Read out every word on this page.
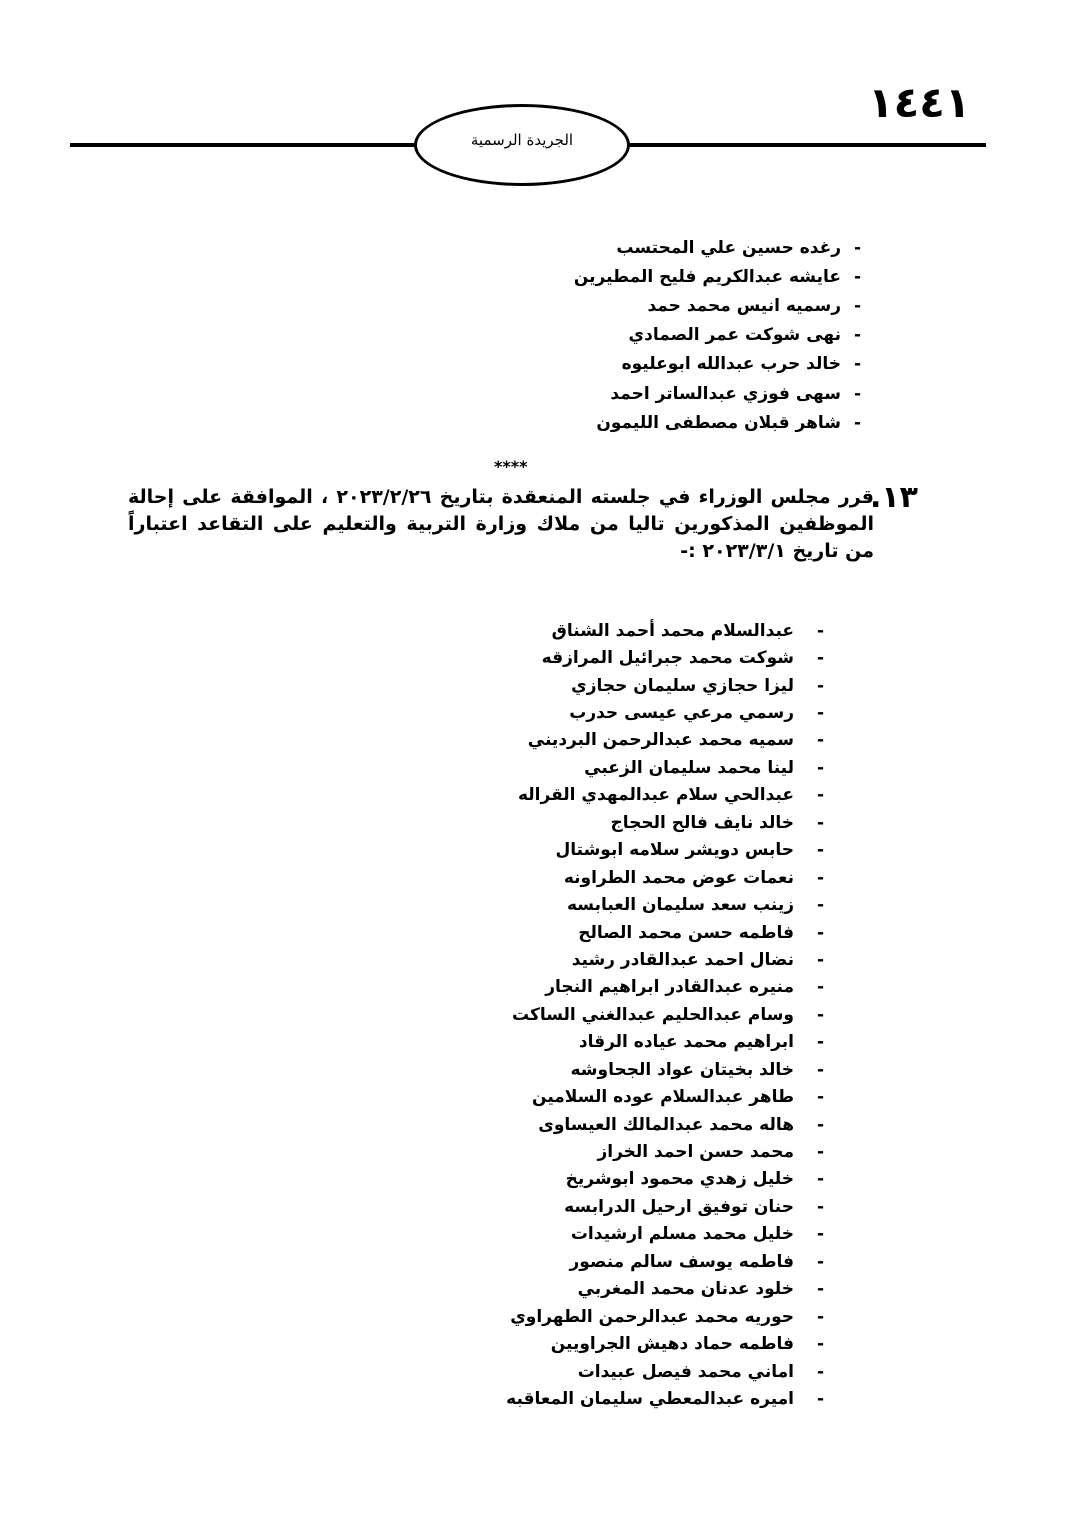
١٤٤١
الجريدة الرسمية
-
رغده حسين علي المحتسب
-
عايشه عبدالكريم فليح المطيرين
-
رسميه انيس محمد حمد
-
نهى شوكت عمر الصمادي
-
خالد حرب عبدالله ابوعليوه
-
سهى فوزي عبدالساتر احمد
-
شاهر قبلان مصطفى الليمون
****
١٣.
قرر مجلس الوزراء في جلسته المنعقدة بتاريخ ٢٠٢٣/٢/٢٦ ، الموافقة على إحالة الموظفين المذكورين تاليا من ملاك وزارة التربية والتعليم على التقاعد اعتباراً من تاريخ ٢٠٢٣/٣/١ :-
-
عبدالسلام محمد أحمد الشناق
-
شوكت محمد جبرائيل المرازقه
-
ليزا حجازي سليمان حجازي
-
رسمي مرعي عيسى حدرب
-
سميه محمد عبدالرحمن البرديني
-
لينا محمد سليمان الزعبي
-
عبدالحي سلام عبدالمهدي القراله
-
خالد نايف فالح الحجاج
-
حابس دويشر سلامه ابوشتال
-
نعمات عوض محمد الطراونه
-
زينب سعد سليمان العبابسه
-
فاطمه حسن محمد الصالح
-
نضال احمد عبدالقادر رشيد
-
منيره عبدالقادر ابراهيم النجار
-
وسام عبدالحليم عبدالغني الساكت
-
ابراهيم محمد عياده الرقاد
-
خالد بخيتان عواد الجحاوشه
-
طاهر عبدالسلام عوده السلامين
-
هاله محمد عبدالمالك العيساوى
-
محمد حسن احمد الخراز
-
خليل زهدي محمود ابوشريخ
-
حنان توفيق ارحيل الدرابسه
-
خليل محمد مسلم ارشيدات
-
فاطمه يوسف سالم منصور
-
خلود عدنان محمد المغربي
-
حوريه محمد عبدالرحمن الطهراوي
-
فاطمه حماد دهيش الجراويين
-
اماني محمد فيصل عبيدات
-
اميره عبدالمعطي سليمان المعاقبه
